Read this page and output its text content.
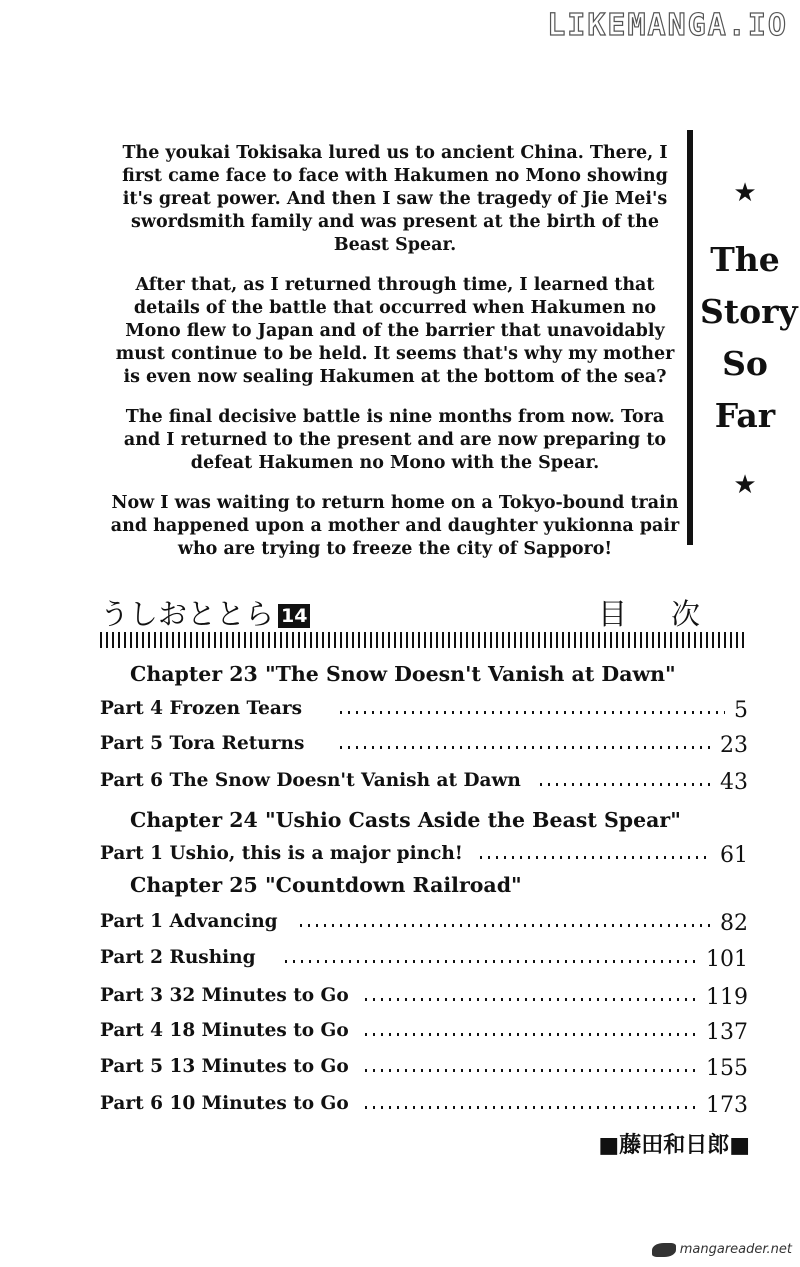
LIKEMANGA.IO

The youkai Tokisaka lured us to ancient China. There, I first came face to face with Hakumen no Mono showing it's great power. And then I saw the tragedy of Jie Mei's swordsmith family and was present at the birth of the Beast Spear.

After that, as I returned through time, I learned that details of the battle that occurred when Hakumen no Mono flew to Japan and of the barrier that unavoidably must continue to be held. It seems that's why my mother is even now sealing Hakumen at the bottom of the sea?

The final decisive battle is nine months from now. Tora and I returned to the present and are now preparing to defeat Hakumen no Mono with the Spear.

Now I was waiting to return home on a Tokyo-bound train and happened upon a mother and daughter yukionna pair who are trying to freeze the city of Sapporo!

★
The
Story
So
Far
★
うしおととら 14	目次
Chapter 23 "The Snow Doesn't Vanish at Dawn"
Part 4 Frozen Tears	5
Part 5 Tora Returns	23
Part 6 The Snow Doesn't Vanish at Dawn	43
Chapter 24 "Ushio Casts Aside the Beast Spear"
Part 1 Ushio, this is a major pinch!	61
Chapter 25 "Countdown Railroad"
Part 1 Advancing	82
Part 2 Rushing	101
Part 3 32 Minutes to Go	119
Part 4 18 Minutes to Go	137
Part 5 13 Minutes to Go	155
Part 6 10 Minutes to Go	173
■藤田和日郎■
mangareader.net
